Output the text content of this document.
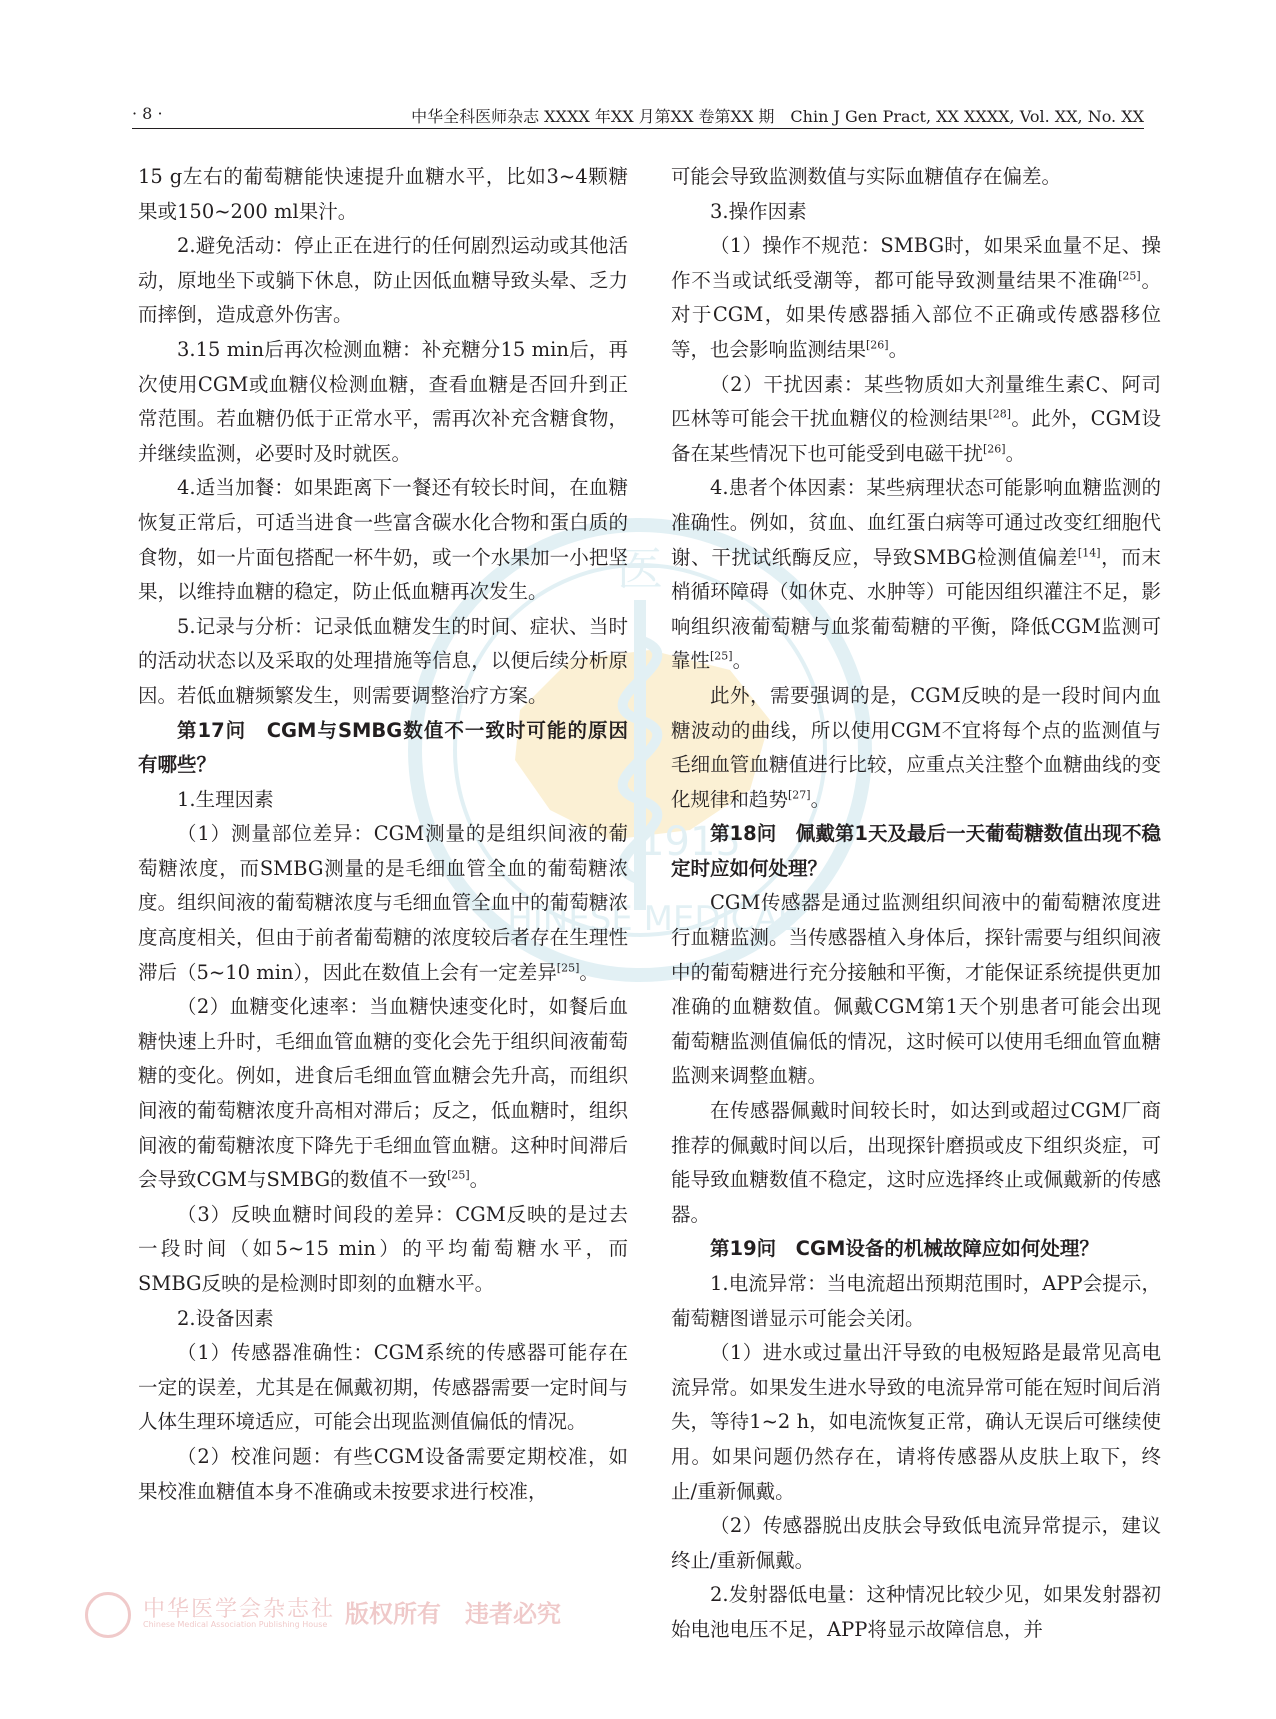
· 8 ·	中华全科医师杂志 XXXX 年XX 月第XX 卷第XX 期　Chin J Gen Pract, XX XXXX, Vol. XX, No. XX
医
1915
CHINESE MEDICAL

15 g左右的葡萄糖能快速提升血糖水平，比如3~4颗糖果或150~200 ml果汁。

2.避免活动：停止正在进行的任何剧烈运动或其他活动，原地坐下或躺下休息，防止因低血糖导致头晕、乏力而摔倒，造成意外伤害。

3.15 min后再次检测血糖：补充糖分15 min后，再次使用CGM或血糖仪检测血糖，查看血糖是否回升到正常范围。若血糖仍低于正常水平，需再次补充含糖食物，并继续监测，必要时及时就医。

4.适当加餐：如果距离下一餐还有较长时间，在血糖恢复正常后，可适当进食一些富含碳水化合物和蛋白质的食物，如一片面包搭配一杯牛奶，或一个水果加一小把坚果，以维持血糖的稳定，防止低血糖再次发生。

5.记录与分析：记录低血糖发生的时间、症状、当时的活动状态以及采取的处理措施等信息，以便后续分析原因。若低血糖频繁发生，则需要调整治疗方案。

第17问　CGM与SMBG数值不一致时可能的原因有哪些？

1.生理因素

（1）测量部位差异：CGM测量的是组织间液的葡萄糖浓度，而SMBG测量的是毛细血管全血的葡萄糖浓度。组织间液的葡萄糖浓度与毛细血管全血中的葡萄糖浓度高度相关，但由于前者葡萄糖的浓度较后者存在生理性滞后（5~10 min），因此在数值上会有一定差异[25]。

（2）血糖变化速率：当血糖快速变化时，如餐后血糖快速上升时，毛细血管血糖的变化会先于组织间液葡萄糖的变化。例如，进食后毛细血管血糖会先升高，而组织间液的葡萄糖浓度升高相对滞后；反之，低血糖时，组织间液的葡萄糖浓度下降先于毛细血管血糖。这种时间滞后会导致CGM与SMBG的数值不一致[25]。

（3）反映血糖时间段的差异：CGM反映的是过去一段时间（如5~15 min）的平均葡萄糖水平，而SMBG反映的是检测时即刻的血糖水平。

2.设备因素

（1）传感器准确性：CGM系统的传感器可能存在一定的误差，尤其是在佩戴初期，传感器需要一定时间与人体生理环境适应，可能会出现监测值偏低的情况。

（2）校准问题：有些CGM设备需要定期校准，如果校准血糖值本身不准确或未按要求进行校准，

可能会导致监测数值与实际血糖值存在偏差。

3.操作因素

（1）操作不规范：SMBG时，如果采血量不足、操作不当或试纸受潮等，都可能导致测量结果不准确[25]。对于CGM，如果传感器插入部位不正确或传感器移位等，也会影响监测结果[26]。

（2）干扰因素：某些物质如大剂量维生素C、阿司匹林等可能会干扰血糖仪的检测结果[28]。此外，CGM设备在某些情况下也可能受到电磁干扰[26]。

4.患者个体因素：某些病理状态可能影响血糖监测的准确性。例如，贫血、血红蛋白病等可通过改变红细胞代谢、干扰试纸酶反应，导致SMBG检测值偏差[14]，而末梢循环障碍（如休克、水肿等）可能因组织灌注不足，影响组织液葡萄糖与血浆葡萄糖的平衡，降低CGM监测可靠性[25]。

此外，需要强调的是，CGM反映的是一段时间内血糖波动的曲线，所以使用CGM不宜将每个点的监测值与毛细血管血糖值进行比较，应重点关注整个血糖曲线的变化规律和趋势[27]。

第18问　佩戴第1天及最后一天葡萄糖数值出现不稳定时应如何处理？

CGM传感器是通过监测组织间液中的葡萄糖浓度进行血糖监测。当传感器植入身体后，探针需要与组织间液中的葡萄糖进行充分接触和平衡，才能保证系统提供更加准确的血糖数值。佩戴CGM第1天个别患者可能会出现葡萄糖监测值偏低的情况，这时候可以使用毛细血管血糖监测来调整血糖。

在传感器佩戴时间较长时，如达到或超过CGM厂商推荐的佩戴时间以后，出现探针磨损或皮下组织炎症，可能导致血糖数值不稳定，这时应选择终止或佩戴新的传感器。

第19问　CGM设备的机械故障应如何处理？

1.电流异常：当电流超出预期范围时，APP会提示，葡萄糖图谱显示可能会关闭。

（1）进水或过量出汗导致的电极短路是最常见高电流异常。如果发生进水导致的电流异常可能在短时间后消失，等待1~2 h，如电流恢复正常，确认无误后可继续使用。如果问题仍然存在，请将传感器从皮肤上取下，终止/重新佩戴。

（2）传感器脱出皮肤会导致低电流异常提示，建议终止/重新佩戴。

2.发射器低电量：这种情况比较少见，如果发射器初始电池电压不足，APP将显示故障信息，并

中华医学会杂志社
Chinese Medical Association Publishing House 版权所有　违者必究
